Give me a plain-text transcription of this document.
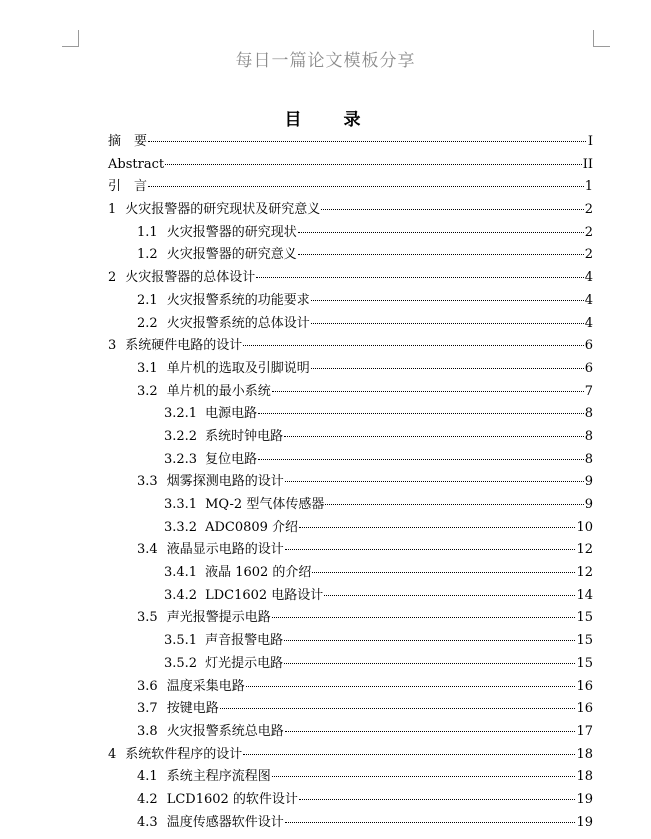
每日一篇论文模板分享
目 录
摘　要	I
Abstract	II
引　言	1
1 火灾报警器的研究现状及研究意义	2
1.1 火灾报警器的研究现状	2
1.2 火灾报警器的研究意义	2
2 火灾报警器的总体设计	4
2.1 火灾报警系统的功能要求	4
2.2 火灾报警系统的总体设计	4
3 系统硬件电路的设计	6
3.1 单片机的选取及引脚说明	6
3.2 单片机的最小系统	7
3.2.1 电源电路	8
3.2.2 系统时钟电路	8
3.2.3 复位电路	8
3.3 烟雾探测电路的设计	9
3.3.1 MQ-2 型气体传感器	9
3.3.2 ADC0809 介绍	10
3.4 液晶显示电路的设计	12
3.4.1 液晶 1602 的介绍	12
3.4.2 LDC1602 电路设计	14
3.5 声光报警提示电路	15
3.5.1 声音报警电路	15
3.5.2 灯光提示电路	15
3.6 温度采集电路	16
3.7 按键电路	16
3.8 火灾报警系统总电路	17
4 系统软件程序的设计	18
4.1 系统主程序流程图	18
4.2 LCD1602 的软件设计	19
4.3 温度传感器软件设计	19
